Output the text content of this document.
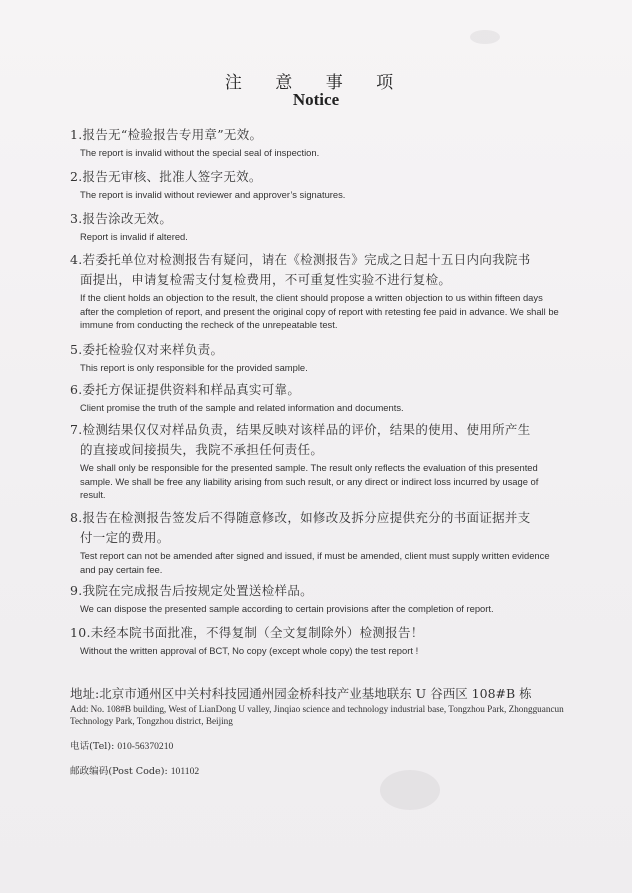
注 意 事 项
Notice
1.报告无“检验报告专用章”无效。
The report is invalid without the special seal of inspection.
2.报告无审核、批准人签字无效。
The report is invalid without reviewer and approver’s signatures.
3.报告涂改无效。
Report is invalid if altered.
4.若委托单位对检测报告有疑问，请在《检测报告》完成之日起十五日内向我院书
面提出，申请复检需支付复检费用，不可重复性实验不进行复检。
If the client holds an objection to the result, the client should propose a written objection to us within fifteen days after the completion of report, and present the original copy of report with retesting fee paid in advance. We shall be immune from conducting the recheck of the unrepeatable test.
5.委托检验仅对来样负责。
This report is only responsible for the provided sample.
6.委托方保证提供资料和样品真实可靠。
Client promise the truth of the sample and related information and documents.
7.检测结果仅仅对样品负责，结果反映对该样品的评价，结果的使用、使用所产生
的直接或间接损失，我院不承担任何责任。
We shall only be responsible for the presented sample. The result only reflects the evaluation of this presented sample. We shall be free any liability arising from such result, or any direct or indirect loss incurred by usage of result.
8.报告在检测报告签发后不得随意修改，如修改及拆分应提供充分的书面证据并支
付一定的费用。
Test report can not be amended after signed and issued, if must be amended, client must supply written evidence and pay certain fee.
9.我院在完成报告后按规定处置送检样品。
We can dispose the presented sample according to certain provisions after the completion of report.
10.未经本院书面批准，不得复制（全文复制除外）检测报告！
Without the written approval of BCT, No copy (except whole copy) the test report !
地址:北京市通州区中关村科技园通州园金桥科技产业基地联东 U 谷西区 108#B 栋
Add: No. 108#B building, West of LianDong U valley, Jinqiao science and technology industrial base, Tongzhou Park, Zhongguancun Technology Park, Tongzhou district, Beijing
电话(Tel): 010-56370210
邮政编码(Post Code): 101102
